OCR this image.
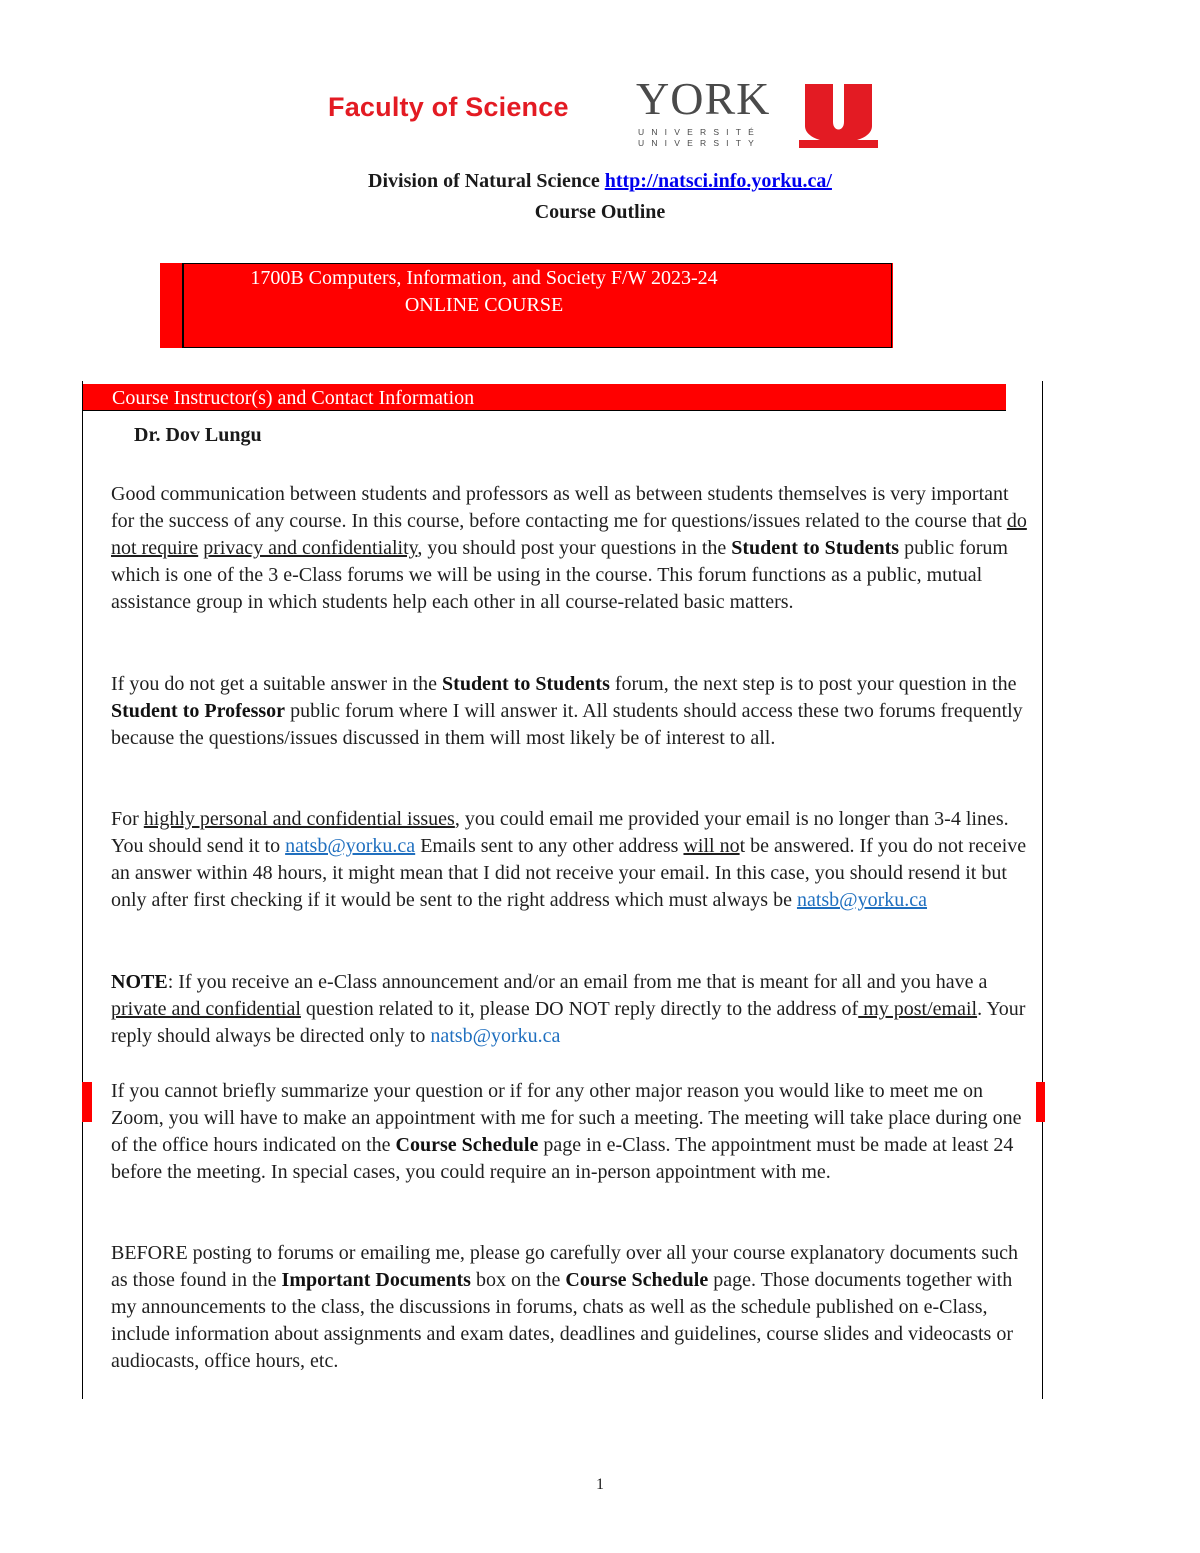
Faculty of Science YORK
UNIVERSITÉ
UNIVERSITY
Division of Natural Science http://natsci.info.yorku.ca/
Course Outline
1700B Computers, Information, and Society F/W 2023-24
ONLINE COURSE
Course Instructor(s) and Contact Information
Dr. Dov Lungu
Good communication between students and professors as well as between students themselves is very important for the success of any course. In this course, before contacting me for questions/issues related to the course that do not require privacy and confidentiality, you should post your questions in the Student to Students public forum which is one of the 3 e-Class forums we will be using in the course. This forum functions as a public, mutual assistance group in which students help each other in all course-related basic matters.
If you do not get a suitable answer in the Student to Students forum, the next step is to post your question in the Student to Professor public forum where I will answer it. All students should access these two forums frequently because the questions/issues discussed in them will most likely be of interest to all.
For highly personal and confidential issues, you could email me provided your email is no longer than 3-4 lines. You should send it to natsb@yorku.ca Emails sent to any other address will not be answered. If you do not receive an answer within 48 hours, it might mean that I did not receive your email. In this case, you should resend it but only after first checking if it would be sent to the right address which must always be natsb@yorku.ca
NOTE: If you receive an e-Class announcement and/or an email from me that is meant for all and you have a private and confidential question related to it, please DO NOT reply directly to the address of my post/email. Your reply should always be directed only to natsb@yorku.ca
If you cannot briefly summarize your question or if for any other major reason you would like to meet me on Zoom, you will have to make an appointment with me for such a meeting. The meeting will take place during one of the office hours indicated on the Course Schedule page in e-Class. The appointment must be made at least 24 before the meeting. In special cases, you could require an in-person appointment with me.
BEFORE posting to forums or emailing me, please go carefully over all your course explanatory documents such as those found in the Important Documents box on the Course Schedule page. Those documents together with my announcements to the class, the discussions in forums, chats as well as the schedule published on e-Class, include information about assignments and exam dates, deadlines and guidelines, course slides and videocasts or audiocasts, office hours, etc.
1
